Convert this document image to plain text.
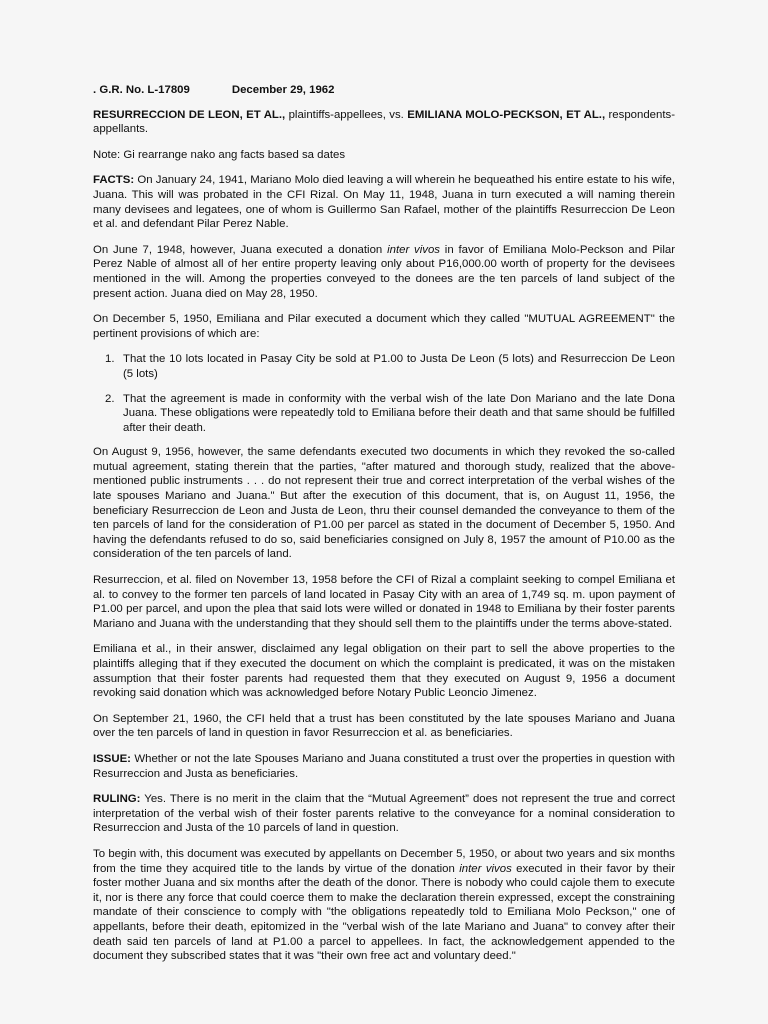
. G.R. No. L-17809	December 29, 1962

RESURRECCION DE LEON, ET AL., plaintiffs-appellees, vs. EMILIANA MOLO-PECKSON, ET AL., respondents-appellants.

Note: Gi rearrange nako ang facts based sa dates

FACTS: On January 24, 1941, Mariano Molo died leaving a will wherein he bequeathed his entire estate to his wife, Juana. This will was probated in the CFI Rizal. On May 11, 1948, Juana in turn executed a will naming therein many devisees and legatees, one of whom is Guillermo San Rafael, mother of the plaintiffs Resurreccion De Leon et al. and defendant Pilar Perez Nable.

On June 7, 1948, however, Juana executed a donation inter vivos in favor of Emiliana Molo-Peckson and Pilar Perez Nable of almost all of her entire property leaving only about P16,000.00 worth of property for the devisees mentioned in the will. Among the properties conveyed to the donees are the ten parcels of land subject of the present action. Juana died on May 28, 1950.

On December 5, 1950, Emiliana and Pilar executed a document which they called "MUTUAL AGREEMENT" the pertinent provisions of which are:

1. That the 10 lots located in Pasay City be sold at P1.00 to Justa De Leon (5 lots) and Resurreccion De Leon (5 lots)
2. That the agreement is made in conformity with the verbal wish of the late Don Mariano and the late Dona Juana. These obligations were repeatedly told to Emiliana before their death and that same should be fulfilled after their death.

On August 9, 1956, however, the same defendants executed two documents in which they revoked the so-called mutual agreement, stating therein that the parties, "after matured and thorough study, realized that the above-mentioned public instruments . . . do not represent their true and correct interpretation of the verbal wishes of the late spouses Mariano and Juana." But after the execution of this document, that is, on August 11, 1956, the beneficiary Resurreccion de Leon and Justa de Leon, thru their counsel demanded the conveyance to them of the ten parcels of land for the consideration of P1.00 per parcel as stated in the document of December 5, 1950. And having the defendants refused to do so, said beneficiaries consigned on July 8, 1957 the amount of P10.00 as the consideration of the ten parcels of land.

Resurreccion, et al. filed on November 13, 1958 before the CFI of Rizal a complaint seeking to compel Emiliana et al. to convey to the former ten parcels of land located in Pasay City with an area of 1,749 sq. m. upon payment of P1.00 per parcel, and upon the plea that said lots were willed or donated in 1948 to Emiliana by their foster parents Mariano and Juana with the understanding that they should sell them to the plaintiffs under the terms above-stated.

Emiliana et al., in their answer, disclaimed any legal obligation on their part to sell the above properties to the plaintiffs alleging that if they executed the document on which the complaint is predicated, it was on the mistaken assumption that their foster parents had requested them that they executed on August 9, 1956 a document revoking said donation which was acknowledged before Notary Public Leoncio Jimenez.

On September 21, 1960, the CFI held that a trust has been constituted by the late spouses Mariano and Juana over the ten parcels of land in question in favor Resurreccion et al. as beneficiaries.

ISSUE: Whether or not the late Spouses Mariano and Juana constituted a trust over the properties in question with Resurreccion and Justa as beneficiaries.

RULING: Yes. There is no merit in the claim that the “Mutual Agreement” does not represent the true and correct interpretation of the verbal wish of their foster parents relative to the conveyance for a nominal consideration to Resurreccion and Justa of the 10 parcels of land in question.

To begin with, this document was executed by appellants on December 5, 1950, or about two years and six months from the time they acquired title to the lands by virtue of the donation inter vivos executed in their favor by their foster mother Juana and six months after the death of the donor. There is nobody who could cajole them to execute it, nor is there any force that could coerce them to make the declaration therein expressed, except the constraining mandate of their conscience to comply with "the obligations repeatedly told to Emiliana Molo Peckson," one of appellants, before their death, epitomized in the "verbal wish of the late Mariano and Juana" to convey after their death said ten parcels of land at P1.00 a parcel to appellees. In fact, the acknowledgement appended to the document they subscribed states that it was "their own free act and voluntary deed."
